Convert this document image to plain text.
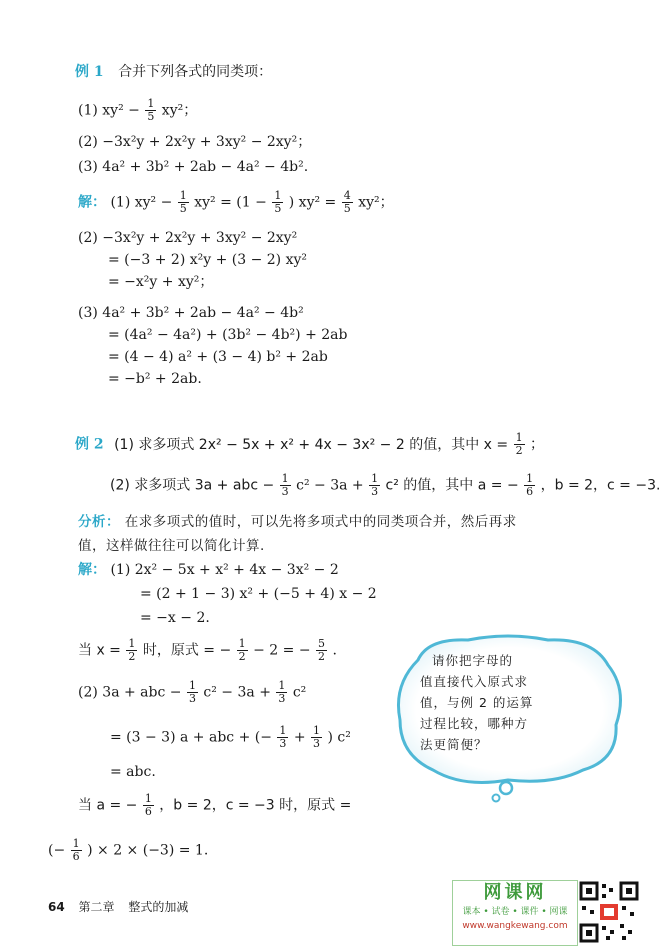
例 1 合并下列各式的同类项：
(1) $xy^2 - \frac{1}{5} xy^2$；
(2) −3x²y + 2x²y + 3xy² − 2xy²；
(3) 4a² + 3b² + 2ab − 4a² − 4b².
解： (1) $xy^2 - \frac{1}{5} xy^2 = (1 - \frac{1}{5}$ ) $xy^2 = \frac{4}{5} xy^2$；
(2) −3x²y + 2x²y + 3xy² − 2xy²
= (−3 + 2) x²y + (3 − 2) xy²
= −x²y + xy²；
(3) 4a² + 3b² + 2ab − 4a² − 4b²
= (4a² − 4a²) + (3b² − 4b²) + 2ab
= (4 − 4) a² + (3 − 4) b² + 2ab
= −b² + 2ab.
例 2 (1) 求多项式 2x² − 5x + x² + 4x − 3x² − 2 的值，其中 $x = \frac{1}{2}$ ；
(2) 求多项式 3a + abc − $\frac{1}{3} c^2 - 3a + \frac{1}{3} c^2$ 的值，其中 a = − $\frac{1}{6}$ ，b = 2，c = −3.
分析： 在求多项式的值时，可以先将多项式中的同类项合并，然后再求
值，这样做往往可以简化计算.
解： (1) 2x² − 5x + x² + 4x − 3x² − 2
= (2 + 1 − 3) x² + (−5 + 4) x − 2
= −x − 2.
当 $x = \frac{1}{2}$ 时，原式 = − $\frac{1}{2} - 2$ = − $\frac{5}{2}$ .
(2) 3a + abc − $\frac{1}{3} c^2 - 3a + \frac{1}{3} c^2$
= (3 − 3) a + abc + (− $\frac{1}{3} + \frac{1}{3}$ ) c²
= abc.
当 a = − $\frac{1}{6}$ ，b = 2，c = −3 时，原式 =
(− $\frac{1}{6}$ ) × 2 × (−3) = 1.
请你把字母的
值直接代入原式求
值，与例 2 的运算
过程比较，哪种方
法更简便？
64 第二章 整式的加减
网课网
课本 • 试卷 • 课件 • 网课
www.wangkewang.com
